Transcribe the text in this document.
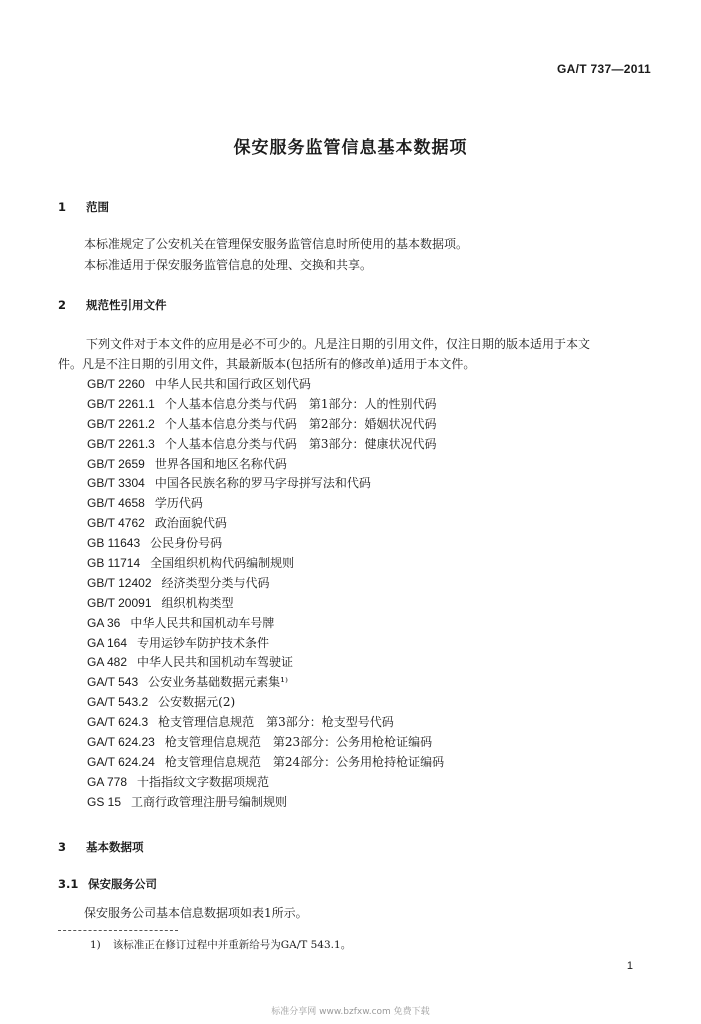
GA/T 737—2011
保安服务监管信息基本数据项
1 范围
本标准规定了公安机关在管理保安服务监管信息时所使用的基本数据项。
本标准适用于保安服务监管信息的处理、交换和共享。
2 规范性引用文件
下列文件对于本文件的应用是必不可少的。凡是注日期的引用文件，仅注日期的版本适用于本文
件。凡是不注日期的引用文件，其最新版本(包括所有的修改单)适用于本文件。
GB/T 2260 中华人民共和国行政区划代码
GB/T 2261.1 个人基本信息分类与代码　第1部分：人的性别代码
GB/T 2261.2 个人基本信息分类与代码　第2部分：婚姻状况代码
GB/T 2261.3 个人基本信息分类与代码　第3部分：健康状况代码
GB/T 2659 世界各国和地区名称代码
GB/T 3304 中国各民族名称的罗马字母拼写法和代码
GB/T 4658 学历代码
GB/T 4762 政治面貌代码
GB 11643 公民身份号码
GB 11714 全国组织机构代码编制规则
GB/T 12402 经济类型分类与代码
GB/T 20091 组织机构类型
GA 36 中华人民共和国机动车号牌
GA 164 专用运钞车防护技术条件
GA 482 中华人民共和国机动车驾驶证
GA/T 543 公安业务基础数据元素集¹⁾
GA/T 543.2 公安数据元(2)
GA/T 624.3 枪支管理信息规范　第3部分：枪支型号代码
GA/T 624.23 枪支管理信息规范　第23部分：公务用枪枪证编码
GA/T 624.24 枪支管理信息规范　第24部分：公务用枪持枪证编码
GA 778 十指指纹文字数据项规范
GS 15 工商行政管理注册号编制规则
3 基本数据项
3.1 保安服务公司
保安服务公司基本信息数据项如表1所示。
1) 该标准正在修订过程中并重新给号为GA/T 543.1。
1
标准分享网 www.bzfxw.com 免费下载
